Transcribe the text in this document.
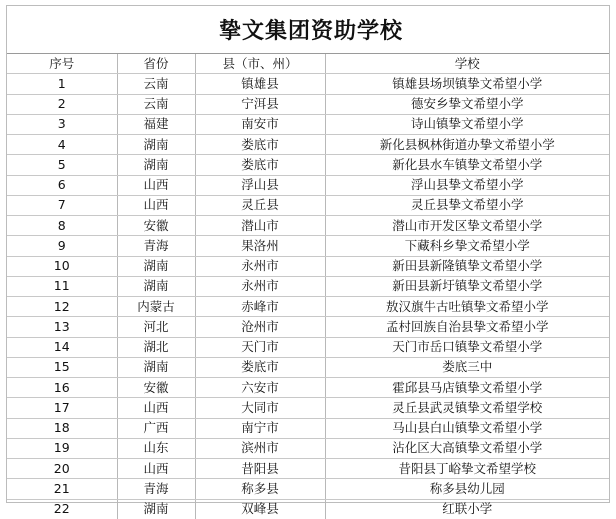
挚文集团资助学校
序号	省份	县（市、州）	学校
1	云南	镇雄县	镇雄县场坝镇挚文希望小学
2	云南	宁洱县	德安乡挚文希望小学
3	福建	南安市	诗山镇挚文希望小学
4	湖南	娄底市	新化县枫林街道办挚文希望小学
5	湖南	娄底市	新化县水车镇挚文希望小学
6	山西	浮山县	浮山县挚文希望小学
7	山西	灵丘县	灵丘县挚文希望小学
8	安徽	潜山市	潜山市开发区挚文希望小学
9	青海	果洛州	下藏科乡挚文希望小学
10	湖南	永州市	新田县新隆镇挚文希望小学
11	湖南	永州市	新田县新圩镇挚文希望小学
12	内蒙古	赤峰市	敖汉旗牛古吐镇挚文希望小学
13	河北	沧州市	孟村回族自治县挚文希望小学
14	湖北	天门市	天门市岳口镇挚文希望小学
15	湖南	娄底市	娄底三中
16	安徽	六安市	霍邱县马店镇挚文希望小学
17	山西	大同市	灵丘县武灵镇挚文希望学校
18	广西	南宁市	马山县白山镇挚文希望小学
19	山东	滨州市	沾化区大高镇挚文希望小学
20	山西	昔阳县	昔阳县丁峪挚文希望学校
21	青海	称多县	称多县幼儿园
22	湖南	双峰县	红联小学
